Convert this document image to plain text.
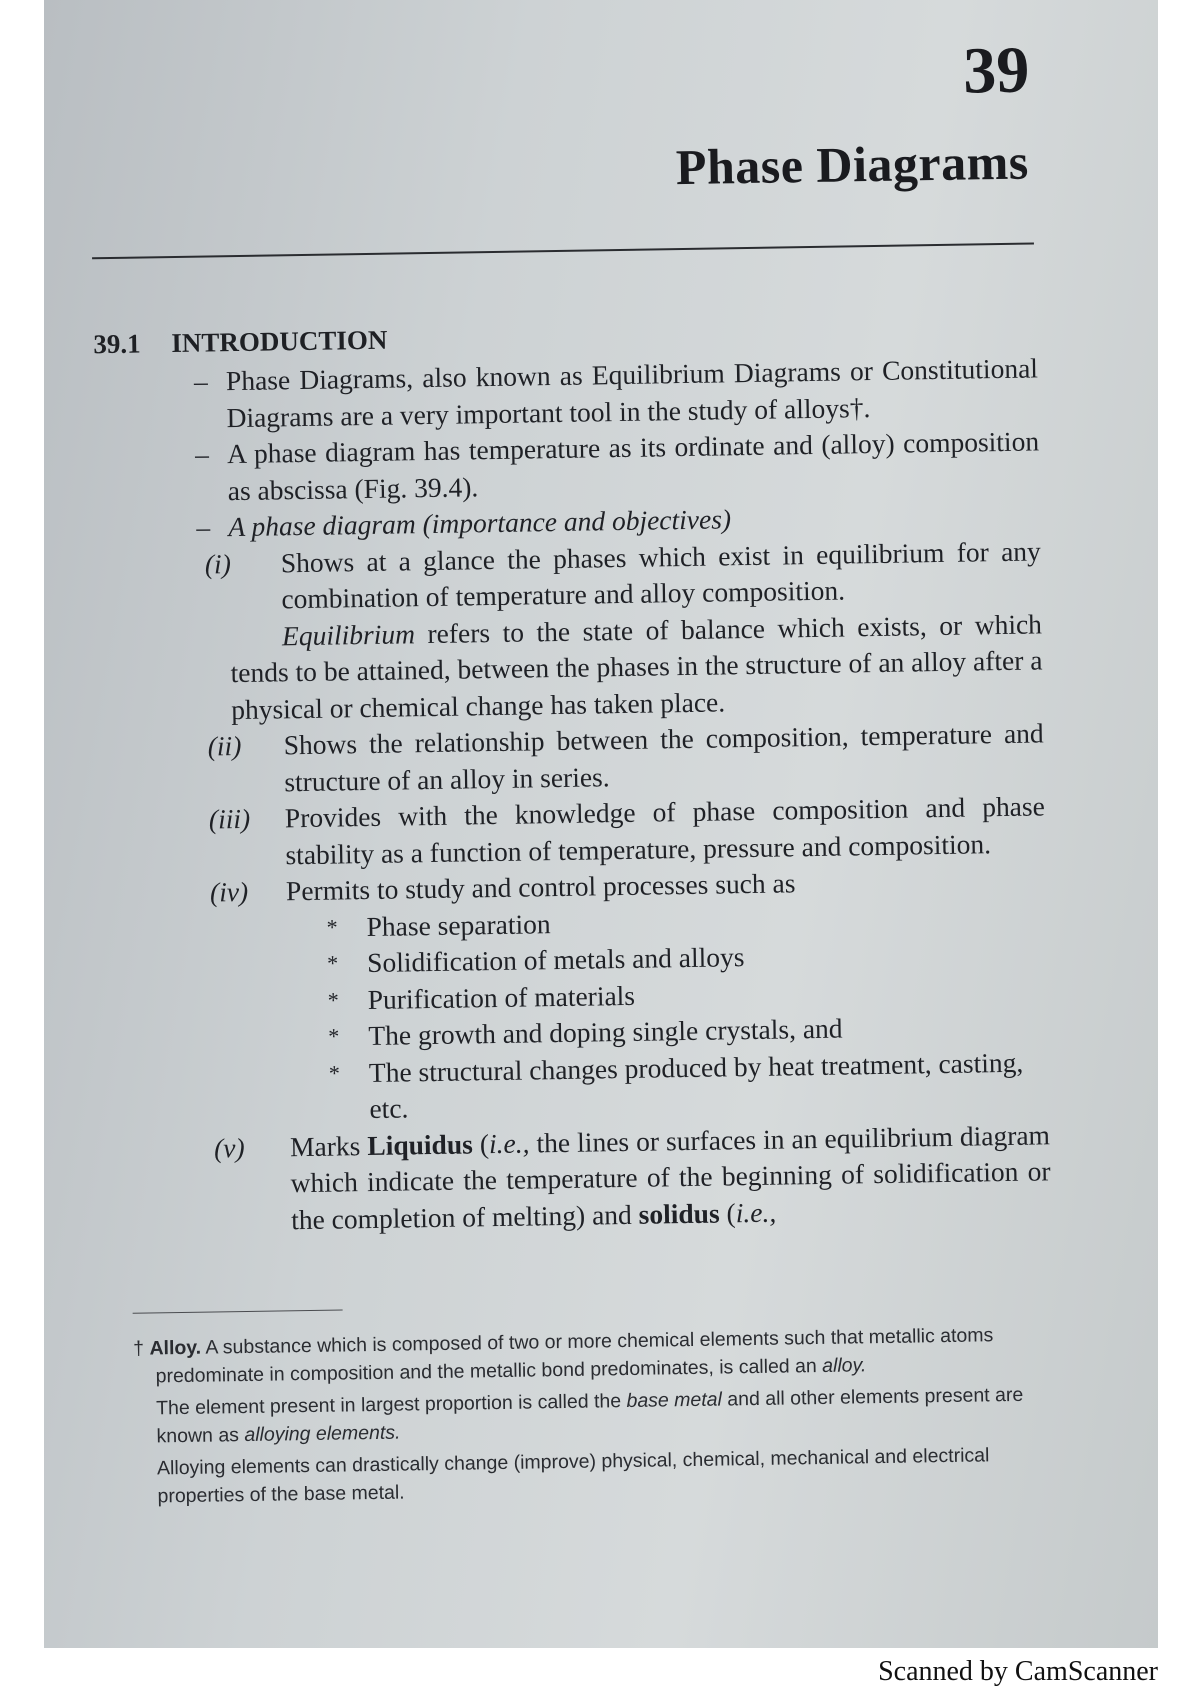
39
Phase Diagrams
39.1 INTRODUCTION
– Phase Diagrams, also known as Equilibrium Diagrams or Constitutional Diagrams are a very important tool in the study of alloys†.
– A phase diagram has temperature as its ordinate and (alloy) composition as abscissa (Fig. 39.4).
– A phase diagram (importance and objectives)
(i)	Shows at a glance the phases which exist in equilibrium for any combination of temperature and alloy composition.
Equilibrium refers to the state of balance which exists, or which tends to be attained, between the phases in the structure of an alloy after a physical or chemical change has taken place.
(ii)	Shows the relationship between the composition, temperature and structure of an alloy in series.
(iii)	Provides with the knowledge of phase composition and phase stability as a function of temperature, pressure and composition.
(iv)	Permits to study and control processes such as
* Phase separation
* Solidification of metals and alloys
* Purification of materials
* The growth and doping single crystals, and
* The structural changes produced by heat treatment, casting, etc.
(v)	Marks Liquidus (i.e., the lines or surfaces in an equilibrium diagram which indicate the temperature of the beginning of solidification or the completion of melting) and solidus (i.e.,

† Alloy. A substance which is composed of two or more chemical elements such that metallic atoms predominate in composition and the metallic bond predominates, is called an alloy.

The element present in largest proportion is called the base metal and all other elements present are known as alloying elements.

Alloying elements can drastically change (improve) physical, chemical, mechanical and electrical properties of the base metal.

Scanned by CamScanner
